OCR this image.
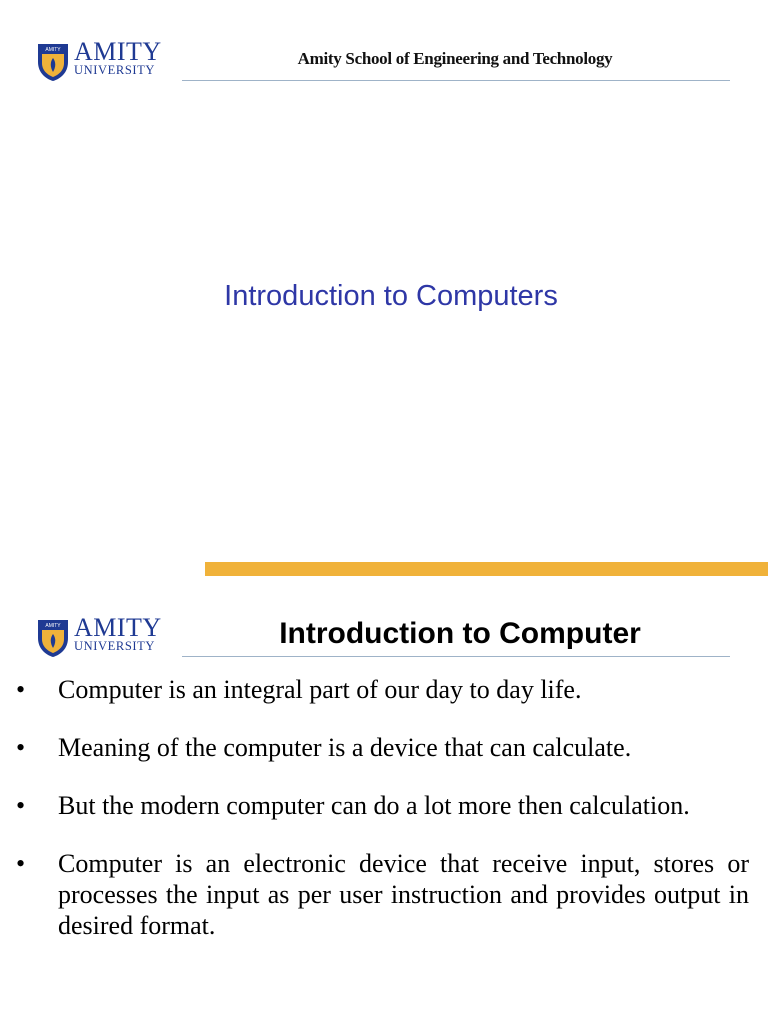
AMITY AMITY
UNIVERSITY
Amity School of Engineering and Technology
Introduction to Computers
AMITY AMITY
UNIVERSITY	Introduction to Computer
•	Computer is an integral part of our day to day life.
•	Meaning of the computer is a device that can calculate.
•	But the modern computer can do a lot more then calculation.
•	Computer is an electronic device that receive input, stores or processes the input as per user instruction and provides output in desired format.
